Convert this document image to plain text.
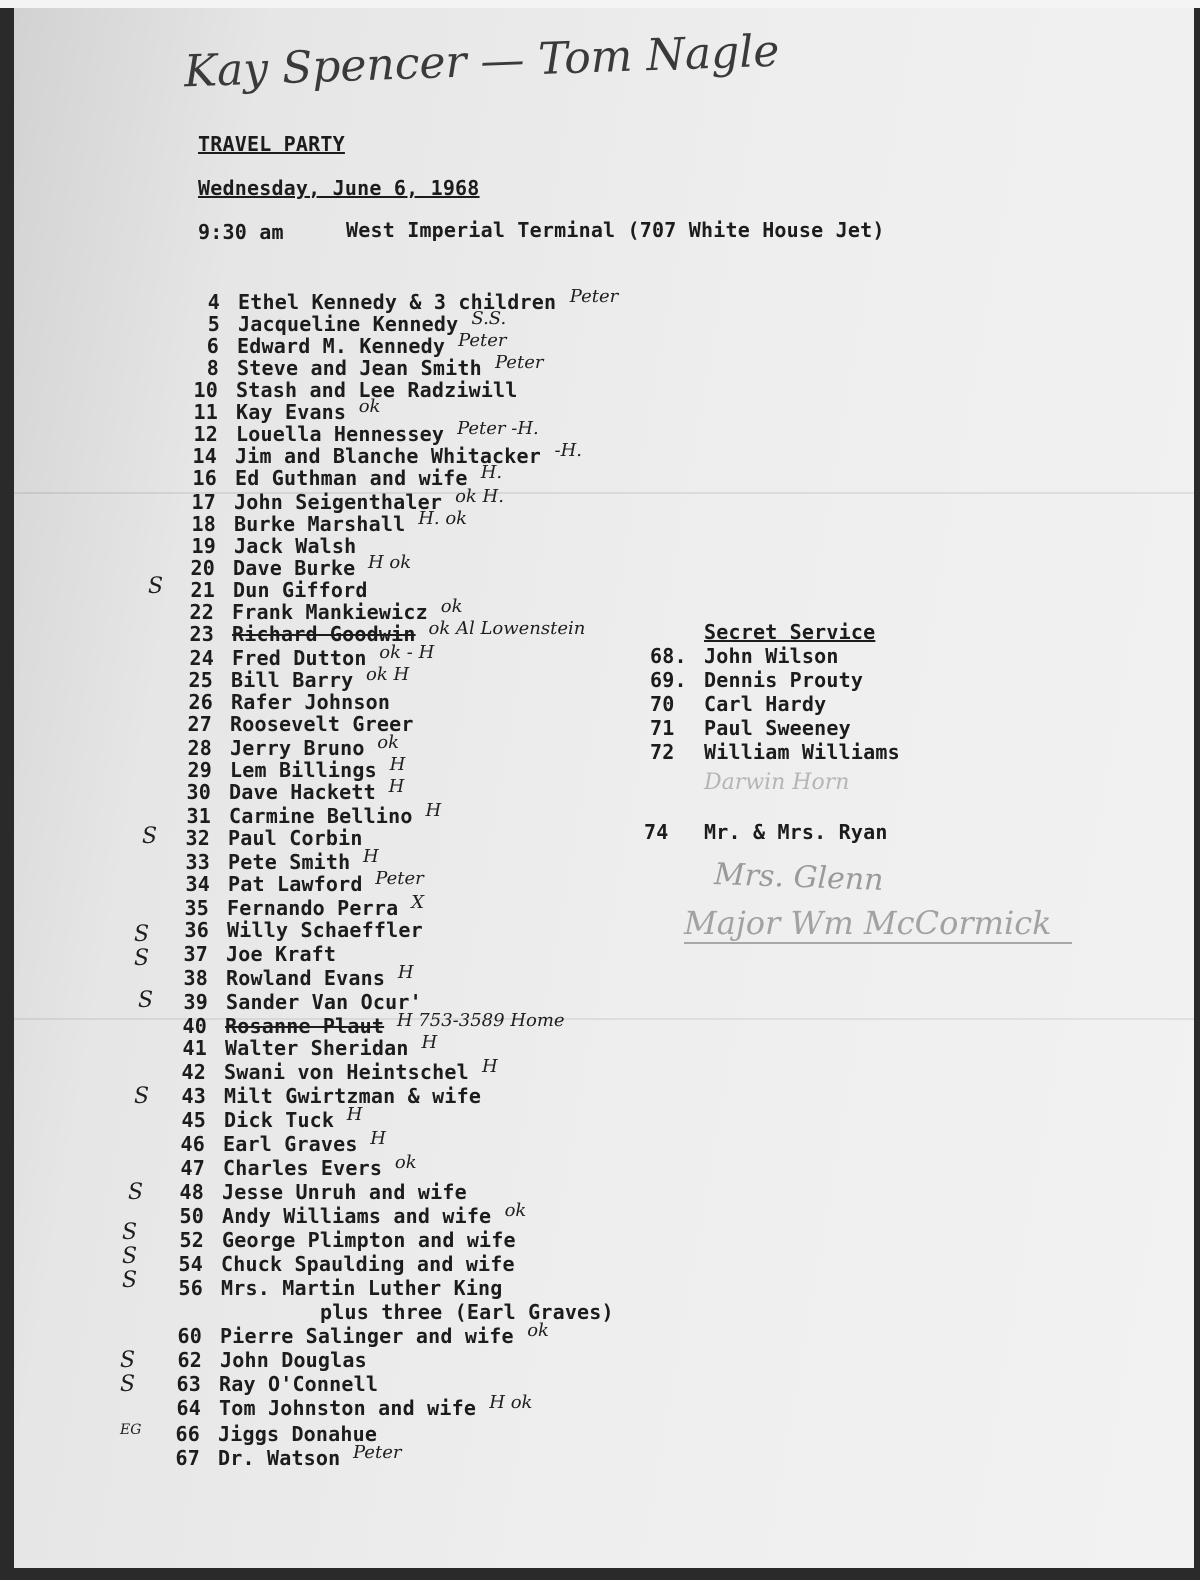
Kay Spencer — Tom Nagle
TRAVEL PARTY
Wednesday, June 6, 1968
9:30 am	West Imperial Terminal (707 White House Jet)
4 Ethel Kennedy & 3 children Peter
5 Jacqueline Kennedy S.S.
6 Edward M. Kennedy Peter
8 Steve and Jean Smith Peter
10 Stash and Lee Radziwill
11 Kay Evans ok
12 Louella Hennessey Peter -H.
14 Jim and Blanche Whitacker -H.
16 Ed Guthman and wife H.
17 John Seigenthaler ok H.
18 Burke Marshall H. ok
19 Jack Walsh
20 Dave Burke H ok
21 Dun Gifford
22 Frank Mankiewicz ok
23 Richard Goodwin ok Al Lowenstein
24 Fred Dutton ok - H
25 Bill Barry ok H
26 Rafer Johnson
27 Roosevelt Greer
28 Jerry Bruno ok
29 Lem Billings H
30 Dave Hackett H
31 Carmine Bellino H
32 Paul Corbin
33 Pete Smith H
34 Pat Lawford Peter
35 Fernando Perra X
36 Willy Schaeffler
37 Joe Kraft
38 Rowland Evans H
39 Sander Van Ocur'
40 Rosanne Plaut H 753-3589 Home
41 Walter Sheridan H
42 Swani von Heintschel H
43 Milt Gwirtzman & wife
45 Dick Tuck H
46 Earl Graves H
47 Charles Evers ok
48 Jesse Unruh and wife
50 Andy Williams and wife ok
52 George Plimpton and wife
54 Chuck Spaulding and wife
56 Mrs. Martin Luther King
plus three (Earl Graves)
60 Pierre Salinger and wife ok
62 John Douglas
63 Ray O'Connell
64 Tom Johnston and wife H ok
66 Jiggs Donahue
67 Dr. Watson Peter
S
S
S
S
S
S
S
S
S
S
S
S
EG
Secret Service
68. John Wilson
69. Dennis Prouty
70 Carl Hardy
71 Paul Sweeney
72 William Williams
Darwin Horn
74 Mr. & Mrs. Ryan
Mrs. Glenn
Major Wm McCormick
